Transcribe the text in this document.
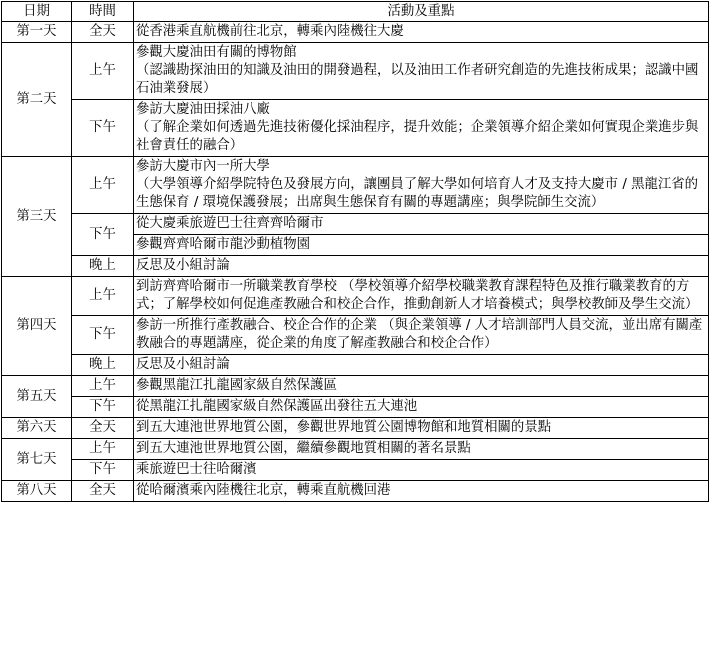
日期	時間	活動及重點
第一天	全天	從香港乘直航機前往北京，轉乘內陸機往大慶

第二天	上午	參觀大慶油田有關的博物館
（認識勘探油田的知識及油田的開發過程，以及油田工作者研究創造的先進技術成果；認識中國石油業發展）

	下午	參訪大慶油田採油八廠
（了解企業如何透過先進技術優化採油程序，提升效能；企業領導介紹企業如何實現企業進步與社會責任的融合）

第三天	上午	參訪大慶市內一所大學
（大學領導介紹學院特色及發展方向，讓團員了解大學如何培育人才及支持大慶市 / 黑龍江省的生態保育 / 環境保護發展；出席與生態保育有關的專題講座；與學院師生交流）

	下午	從大慶乘旅遊巴士往齊齊哈爾市

		參觀齊齊哈爾市龍沙動植物園

	晚上	反思及小組討論

第四天	上午	到訪齊齊哈爾市一所職業教育學校 （學校領導介紹學校職業教育課程特色及推行職業教育的方式；了解學校如何促進產教融合和校企合作，推動創新人才培養模式；與學校教師及學生交流）

	下午	參訪一所推行產教融合、校企合作的企業 （與企業領導 / 人才培訓部門人員交流，並出席有關產教融合的專題講座，從企業的角度了解產教融合和校企合作）

	晚上	反思及小組討論

第五天	上午	參觀黑龍江扎龍國家級自然保護區

	下午	從黑龍江扎龍國家級自然保護區出發往五大連池

第六天	全天	到五大連池世界地質公園，參觀世界地質公園博物館和地質相關的景點

第七天	上午	到五大連池世界地質公園，繼續參觀地質相關的著名景點

	下午	乘旅遊巴士往哈爾濱

第八天	全天	從哈爾濱乘內陸機往北京，轉乘直航機回港
